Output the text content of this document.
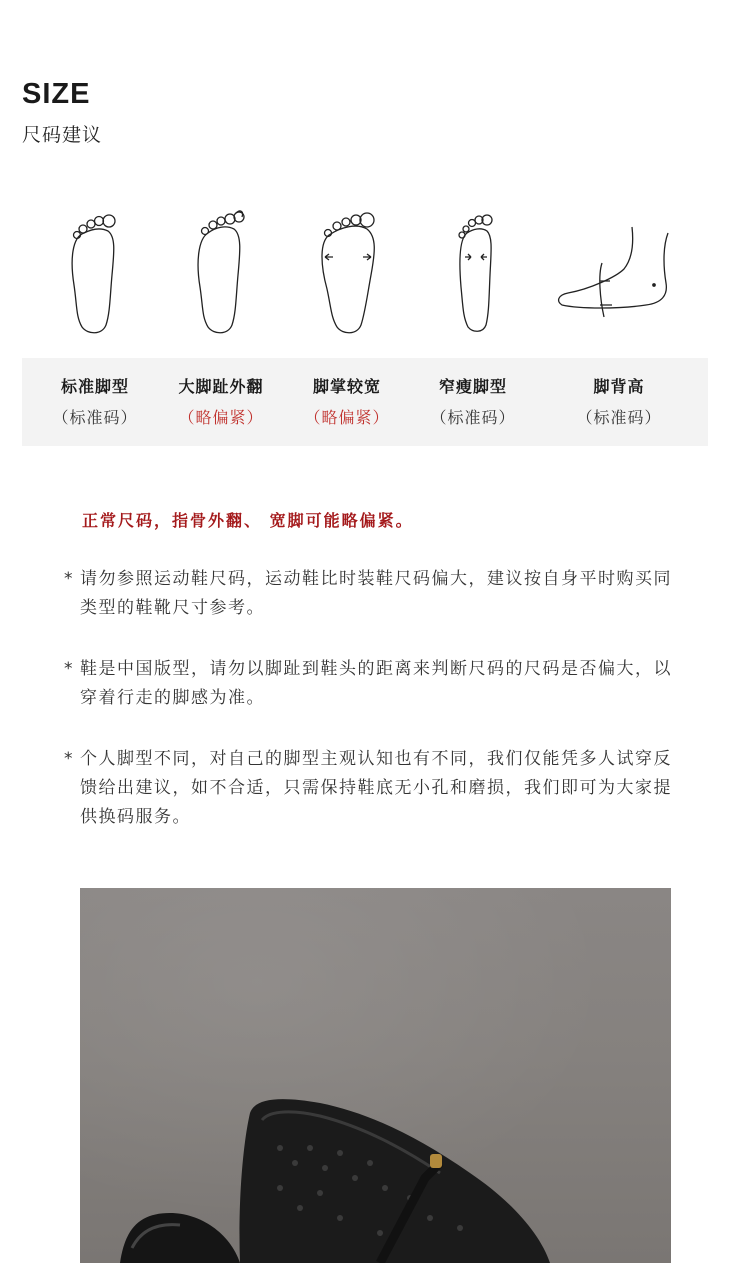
SIZE
尺码建议
标准脚型
（标准码）
大脚趾外翻
（略偏紧）
脚掌较宽
（略偏紧）
窄瘦脚型
（标准码）
脚背高
（标准码）
正常尺码，指骨外翻、 宽脚可能略偏紧。
* 请勿参照运动鞋尺码，运动鞋比时装鞋尺码偏大，建议按自身平时购买同类型的鞋靴尺寸参考。
* 鞋是中国版型，请勿以脚趾到鞋头的距离来判断尺码的尺码是否偏大，以穿着行走的脚感为准。
* 个人脚型不同，对自己的脚型主观认知也有不同，我们仅能凭多人试穿反馈给出建议，如不合适，只需保持鞋底无小孔和磨损，我们即可为大家提供换码服务。
